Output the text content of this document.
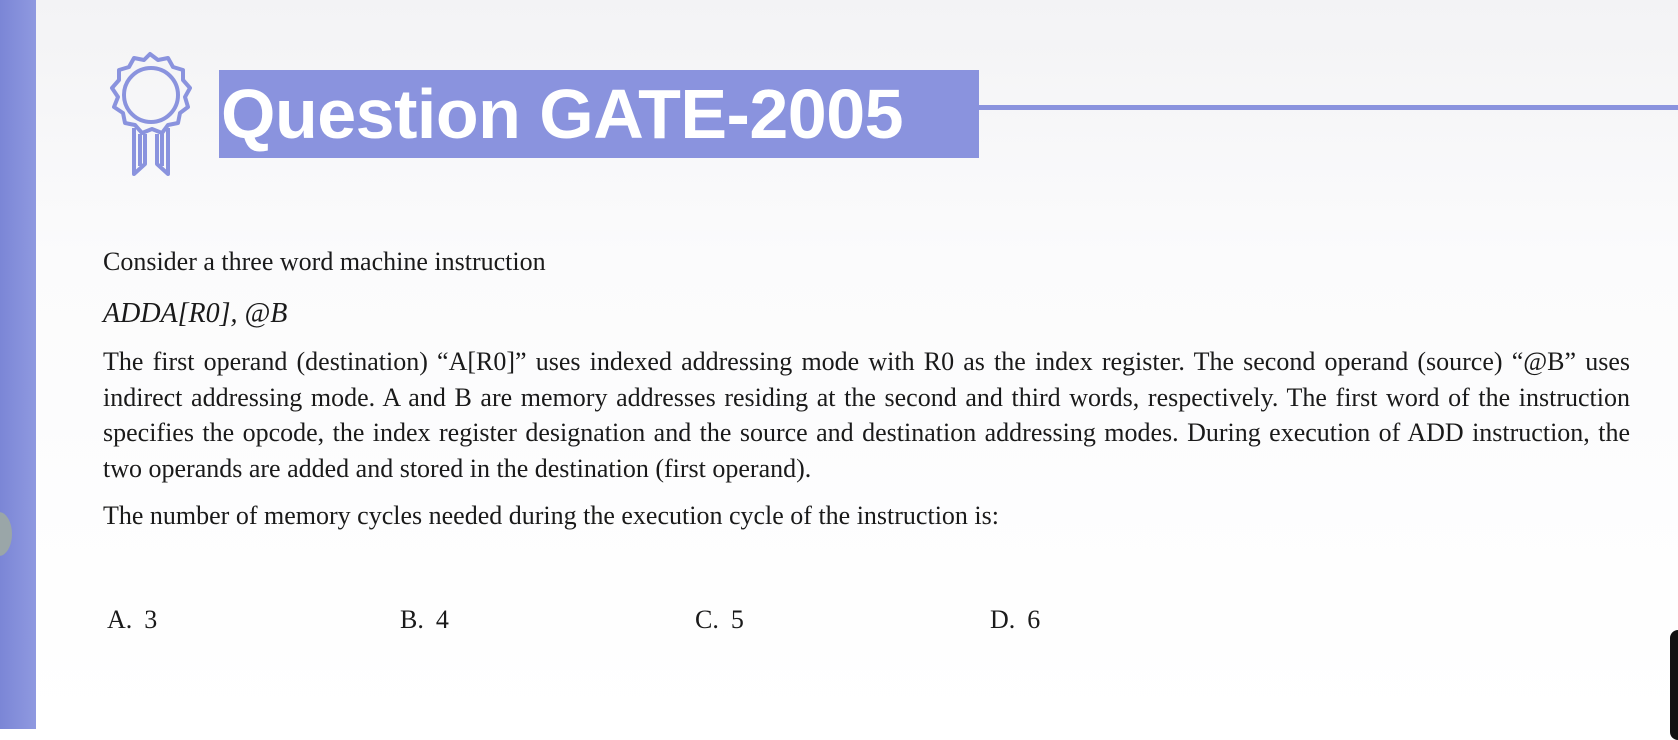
Question GATE-2005

Consider a three word machine instruction

ADDA[R0], @B

The first operand (destination) “A[R0]” uses indexed addressing mode with R0 as the index register. The second operand (source) “@B” uses indirect addressing mode. A and B are memory addresses residing at the second and third words, respectively. The first word of the instruction specifies the opcode, the index register designation and the source and destination addressing modes. During execution of ADD instruction, the two operands are added and stored in the destination (first operand).

The number of memory cycles needed during the execution cycle of the instruction is:

A. 3	B. 4	C. 5	D. 6
